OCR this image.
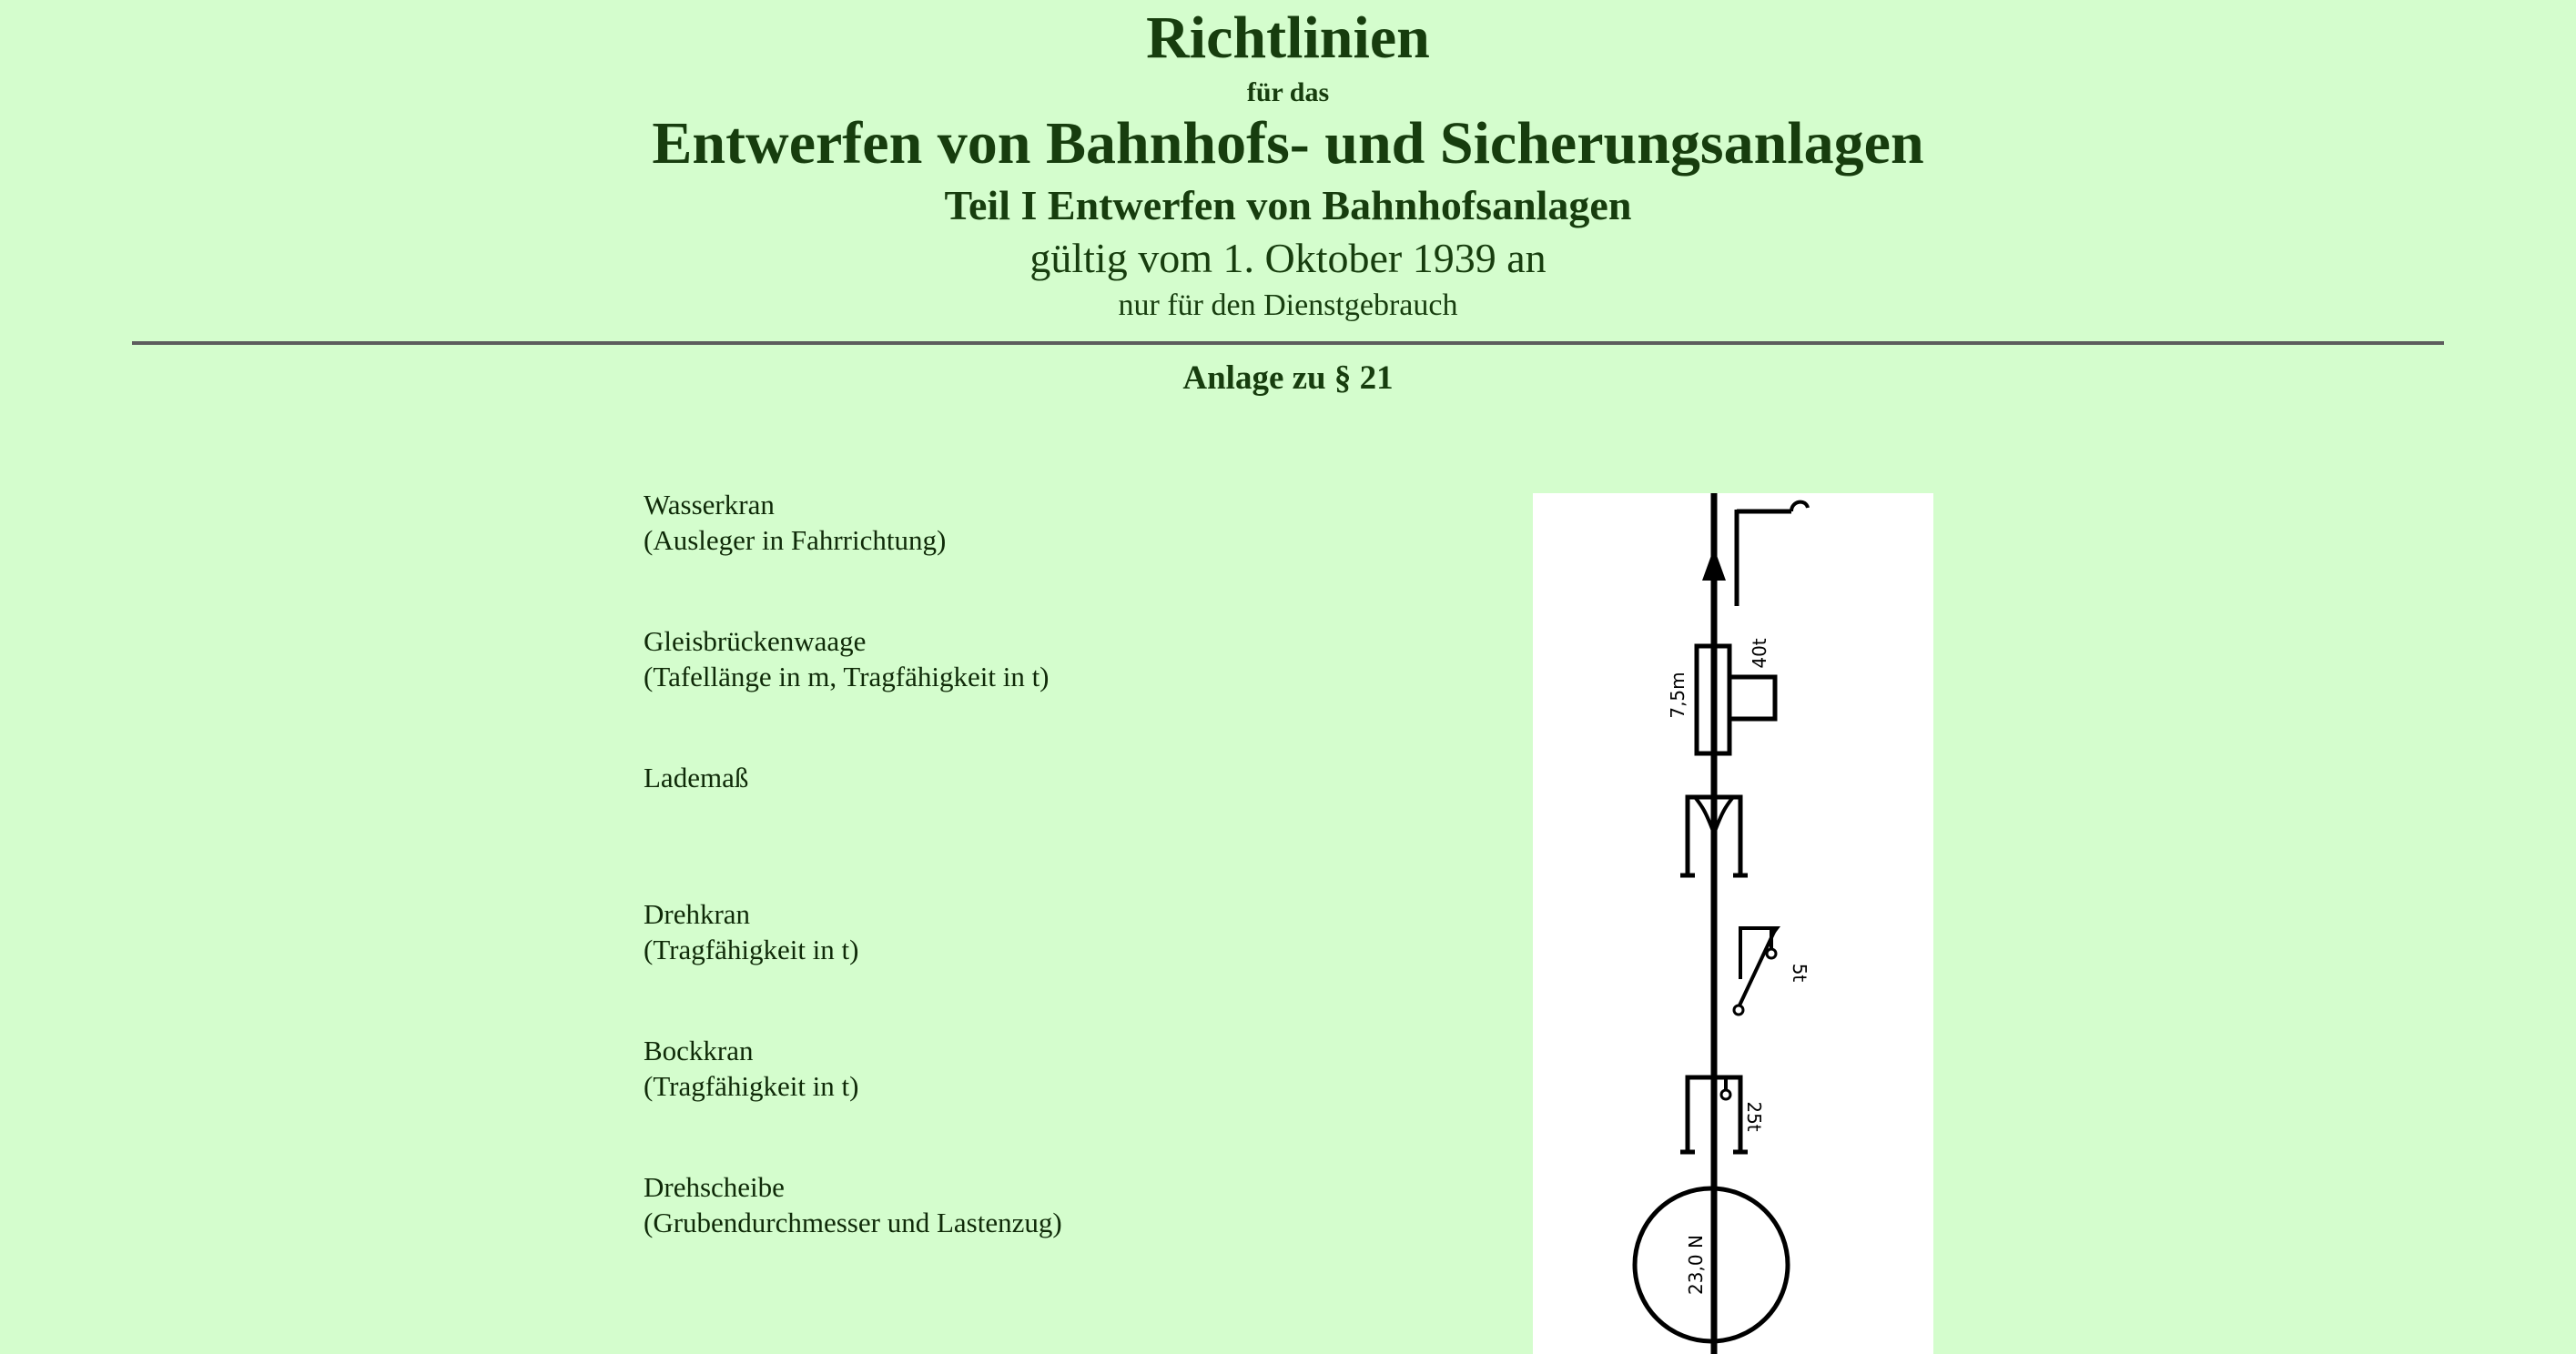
Richtlinien
für das
Entwerfen von Bahnhofs- und Sicherungsanlagen
Teil I Entwerfen von Bahnhofsanlagen
gültig vom 1. Oktober 1939 an
nur für den Dienstgebrauch
Anlage zu § 21
Wasserkran
(Ausleger in Fahrrichtung)
Gleisbrückenwaage
(Tafellänge in m, Tragfähigkeit in t)
Lademaß
Drehkran
(Tragfähigkeit in t)
Bockkran
(Tragfähigkeit in t)
Drehscheibe
(Grubendurchmesser und Lastenzug)
7,5m
40t
5t
25t
23,0 N
